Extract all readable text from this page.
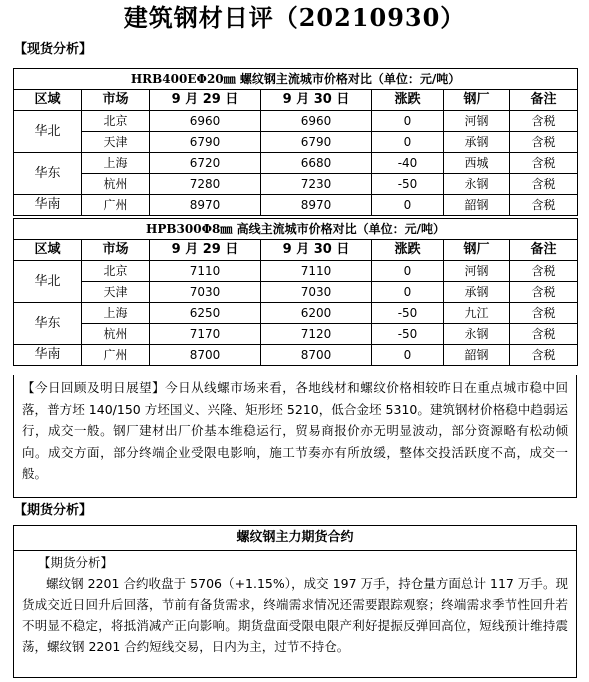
建筑钢材日评（20210930）
【现货分析】
HRB400EΦ20㎜ 螺纹钢主流城市价格对比（单位：元/吨）						
区域	市场	9 月 29 日	9 月 30 日	涨跌	钢厂	备注
华北	北京	6960	6960	0	河钢	含税
	天津	6790	6790	0	承钢	含税
华东	上海	6720	6680	-40	西城	含税
	杭州	7280	7230	-50	永钢	含税
华南	广州	8970	8970	0	韶钢	含税
HPB300Φ8㎜ 高线主流城市价格对比（单位：元/吨）						
区域	市场	9 月 29 日	9 月 30 日	涨跌	钢厂	备注
华北	北京	7110	7110	0	河钢	含税
	天津	7030	7030	0	承钢	含税
华东	上海	6250	6200	-50	九江	含税
	杭州	7170	7120	-50	永钢	含税
华南	广州	8700	8700	0	韶钢	含税
【今日回顾及明日展望】今日从线螺市场来看，各地线材和螺纹价格相较昨日在重点城市稳中回落，普方坯 140/150 方坯国义、兴隆、矩形坯 5210，低合金坯 5310。建筑钢材价格稳中趋弱运行，成交一般。钢厂建材出厂价基本维稳运行，贸易商报价亦无明显波动，部分资源略有松动倾向。成交方面，部分终端企业受限电影响，施工节奏亦有所放缓，整体交投活跃度不高，成交一般。
【期货分析】
螺纹钢主力期货合约
【期货分析】
螺纹钢 2201 合约收盘于 5706（+1.15%），成交 197 万手，持仓量方面总计 117 万手。现货成交近日回升后回落，节前有备货需求，终端需求情况还需要跟踪观察；终端需求季节性回升若不明显不稳定，将抵消减产正向影响。期货盘面受限电限产利好提振反弹回高位，短线预计维持震荡，螺纹钢 2201 合约短线交易，日内为主，过节不持仓。
